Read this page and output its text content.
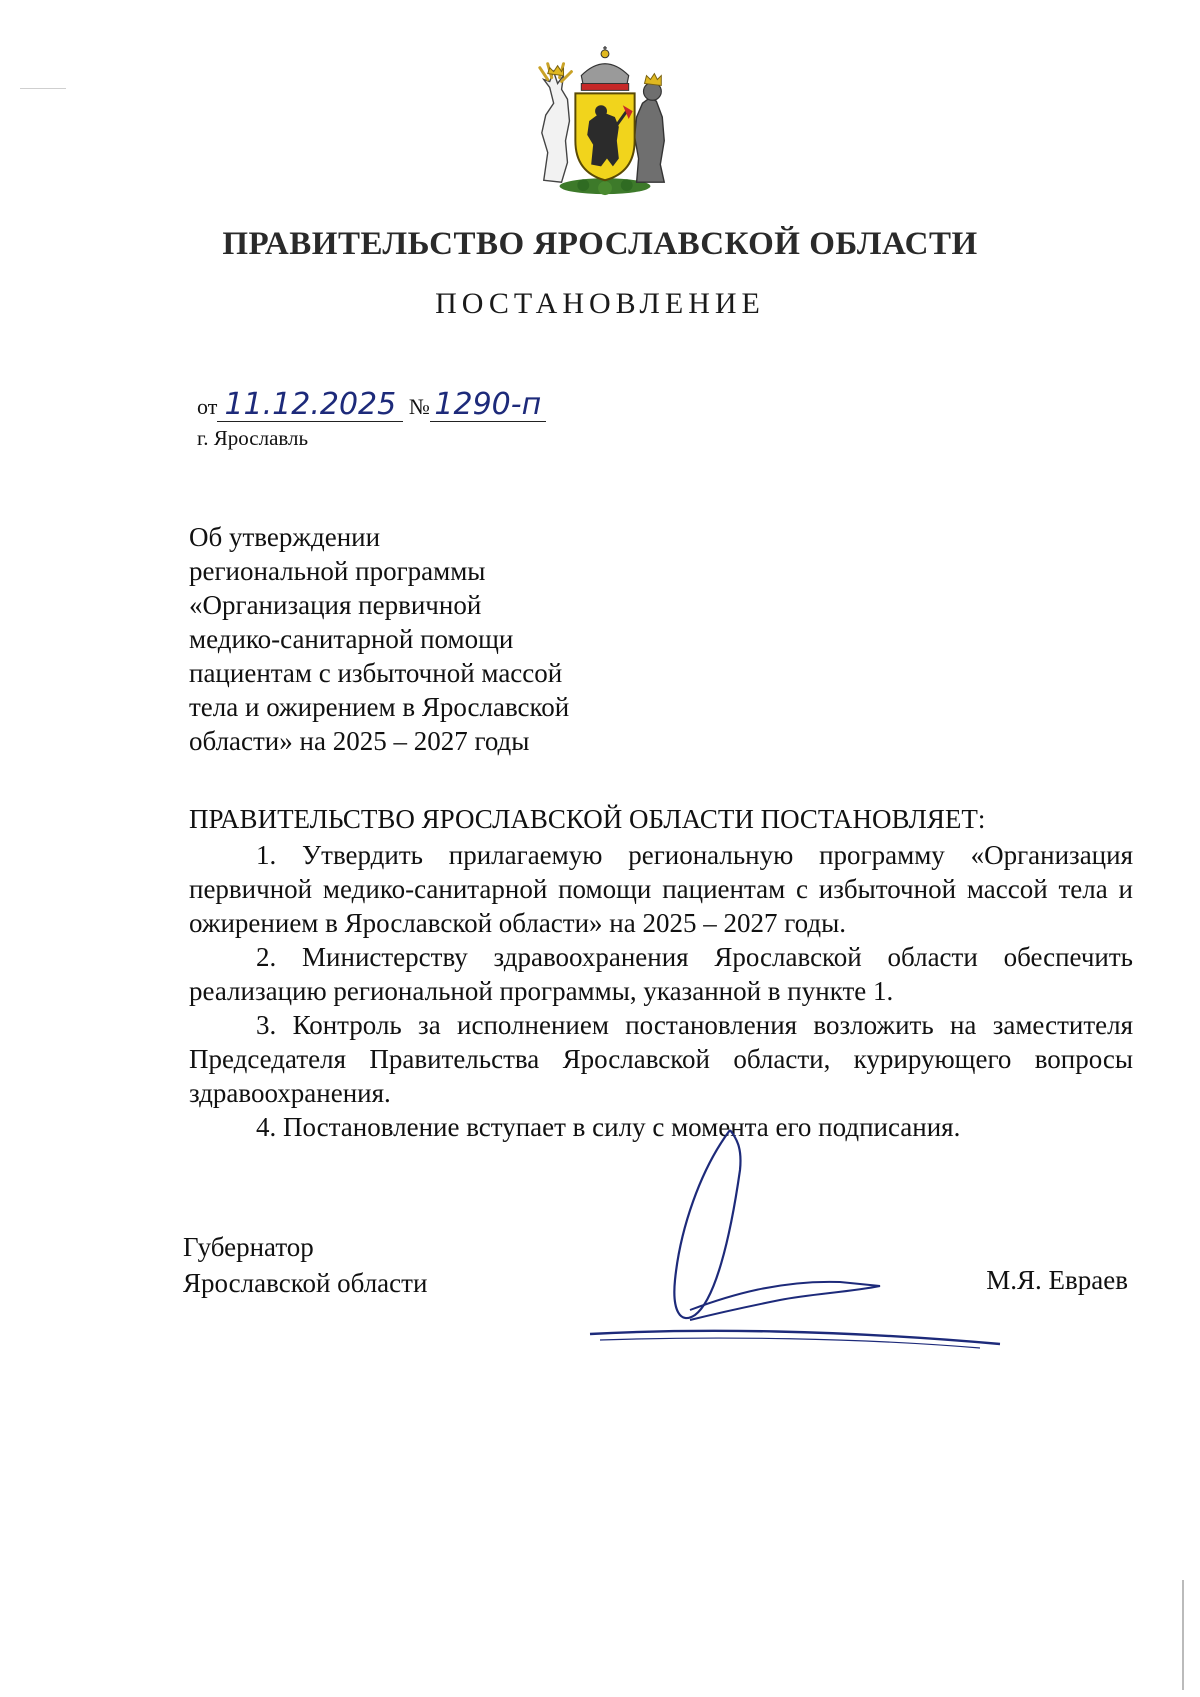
ПРАВИТЕЛЬСТВО ЯРОСЛАВСКОЙ ОБЛАСТИ
ПОСТАНОВЛЕНИЕ
от 11.12.2025 № 1290-п
г. Ярославль
Об утверждении
региональной программы
«Организация первичной
медико-санитарной помощи
пациентам с избыточной массой
тела и ожирением в Ярославской
области» на 2025 – 2027 годы
ПРАВИТЕЛЬСТВО ЯРОСЛАВСКОЙ ОБЛАСТИ ПОСТАНОВЛЯЕТ:

1. Утвердить прилагаемую региональную программу «Организация первичной медико-санитарной помощи пациентам с избыточной массой тела и ожирением в Ярославской области» на 2025 – 2027 годы.

2. Министерству здравоохранения Ярославской области обеспечить реализацию региональной программы, указанной в пункте 1.

3. Контроль за исполнением постановления возложить на заместителя Председателя Правительства Ярославской области, курирующего вопросы здравоохранения.

4. Постановление вступает в силу с момента его подписания.

Губернатор
Ярославской области	М.Я. Евраев
